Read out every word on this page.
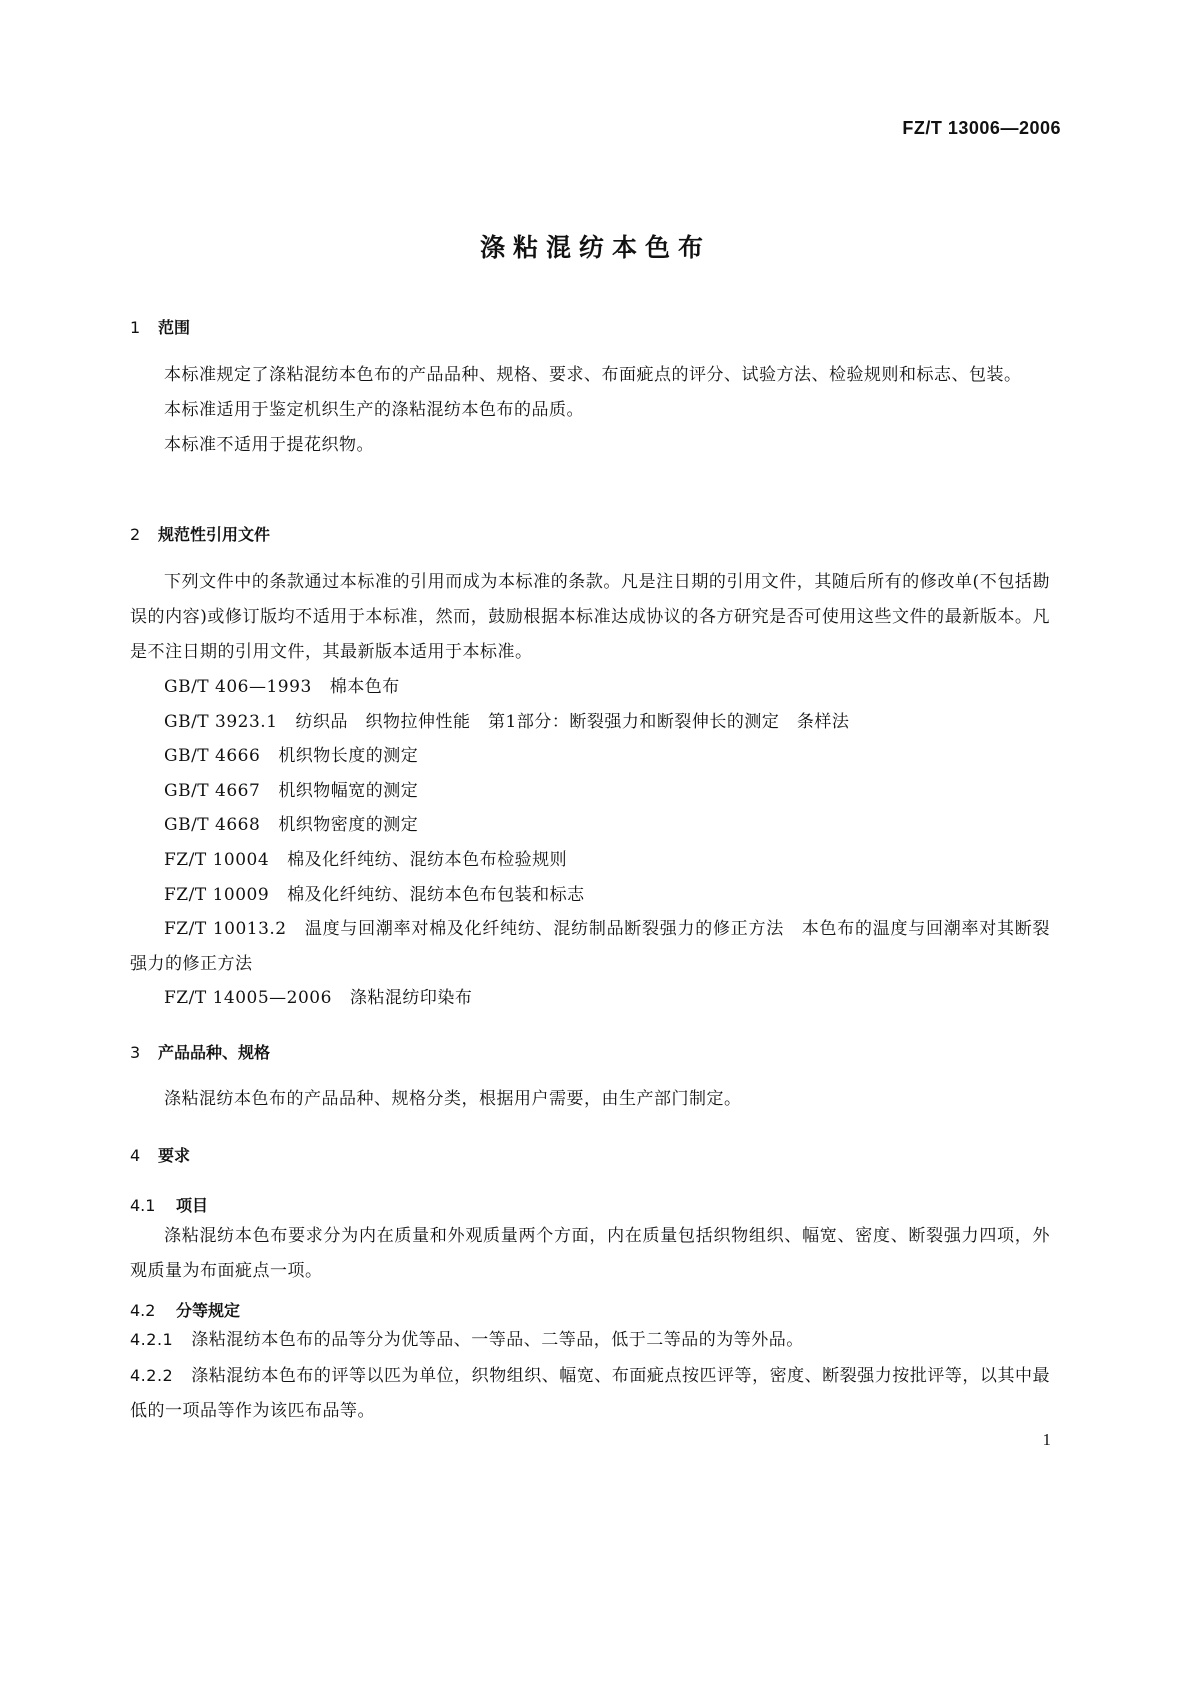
FZ/T 13006—2006
涤粘混纺本色布

1 范围

本标准规定了涤粘混纺本色布的产品品种、规格、要求、布面疵点的评分、试验方法、检验规则和标志、包装。

本标准适用于鉴定机织生产的涤粘混纺本色布的品质。

本标准不适用于提花织物。

2 规范性引用文件

下列文件中的条款通过本标准的引用而成为本标准的条款。凡是注日期的引用文件，其随后所有的修改单(不包括勘误的内容)或修订版均不适用于本标准，然而，鼓励根据本标准达成协议的各方研究是否可使用这些文件的最新版本。凡是不注日期的引用文件，其最新版本适用于本标准。

GB/T 406—1993 棉本色布

GB/T 3923.1 纺织品　织物拉伸性能　第1部分：断裂强力和断裂伸长的测定　条样法

GB/T 4666 机织物长度的测定

GB/T 4667 机织物幅宽的测定

GB/T 4668 机织物密度的测定

FZ/T 10004 棉及化纤纯纺、混纺本色布检验规则

FZ/T 10009 棉及化纤纯纺、混纺本色布包装和标志

FZ/T 10013.2 温度与回潮率对棉及化纤纯纺、混纺制品断裂强力的修正方法　本色布的温度与回潮率对其断裂强力的修正方法

FZ/T 14005—2006 涤粘混纺印染布

3 产品品种、规格

涤粘混纺本色布的产品品种、规格分类，根据用户需要，由生产部门制定。

4 要求

4.1 项目

涤粘混纺本色布要求分为内在质量和外观质量两个方面，内在质量包括织物组织、幅宽、密度、断裂强力四项，外观质量为布面疵点一项。

4.2 分等规定

4.2.1 涤粘混纺本色布的品等分为优等品、一等品、二等品，低于二等品的为等外品。

4.2.2 涤粘混纺本色布的评等以匹为单位，织物组织、幅宽、布面疵点按匹评等，密度、断裂强力按批评等，以其中最低的一项品等作为该匹布品等。

1
